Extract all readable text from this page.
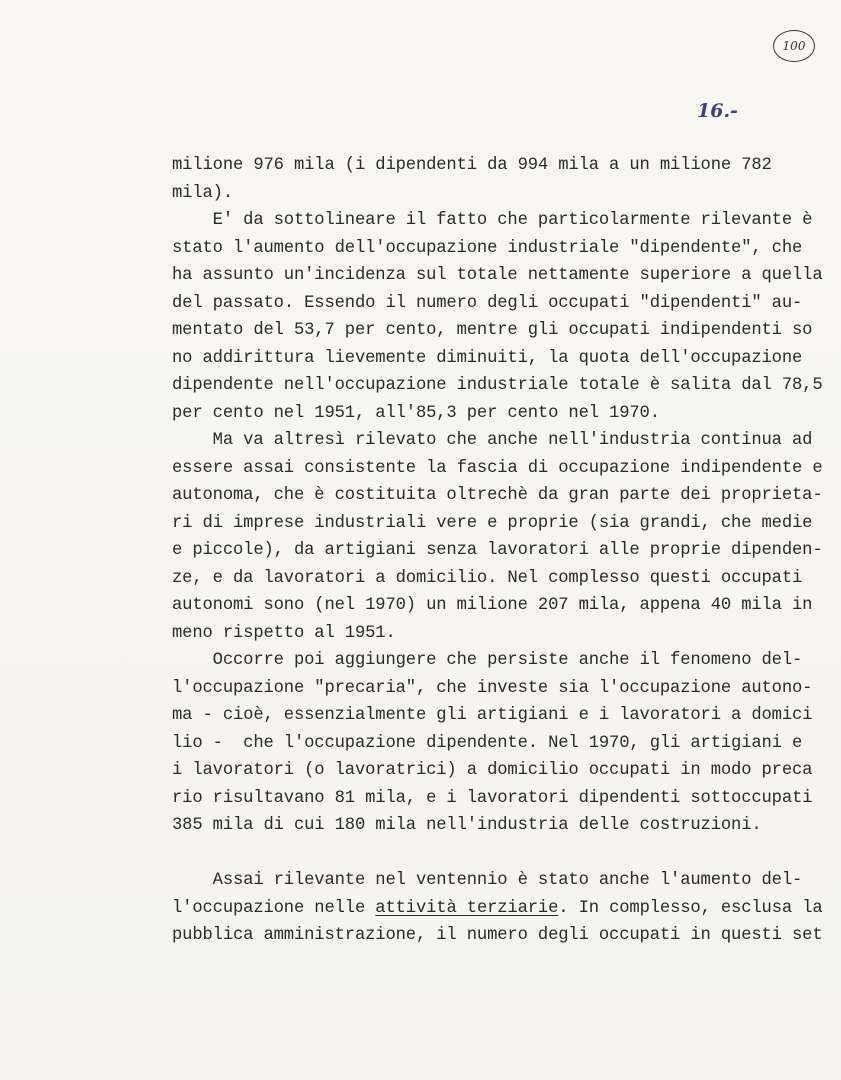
100
16.-
milione 976 mila (i dipendenti da 994 mila a un milione 782
mila).
E' da sottolineare il fatto che particolarmente rilevante è
stato l'aumento dell'occupazione industriale "dipendente", che
ha assunto un'incidenza sul totale nettamente superiore a quella
del passato. Essendo il numero degli occupati "dipendenti" au-
mentato del 53,7 per cento, mentre gli occupati indipendenti so
no addirittura lievemente diminuiti, la quota dell'occupazione
dipendente nell'occupazione industriale totale è salita dal 78,5
per cento nel 1951, all'85,3 per cento nel 1970.
Ma va altresì rilevato che anche nell'industria continua ad
essere assai consistente la fascia di occupazione indipendente e
autonoma, che è costituita oltrechè da gran parte dei proprieta-
ri di imprese industriali vere e proprie (sia grandi, che medie
e piccole), da artigiani senza lavoratori alle proprie dipenden-
ze, e da lavoratori a domicilio. Nel complesso questi occupati
autonomi sono (nel 1970) un milione 207 mila, appena 40 mila in
meno rispetto al 1951.
Occorre poi aggiungere che persiste anche il fenomeno del-
l'occupazione "precaria", che investe sia l'occupazione autono-
ma - cioè, essenzialmente gli artigiani e i lavoratori a domici
lio -  che l'occupazione dipendente. Nel 1970, gli artigiani e
i lavoratori (o lavoratrici) a domicilio occupati in modo preca
rio risultavano 81 mila, e i lavoratori dipendenti sottoccupati
385 mila di cui 180 mila nell'industria delle costruzioni.
Assai rilevante nel ventennio è stato anche l'aumento del-
l'occupazione nelle attività terziarie. In complesso, esclusa la
pubblica amministrazione, il numero degli occupati in questi set
